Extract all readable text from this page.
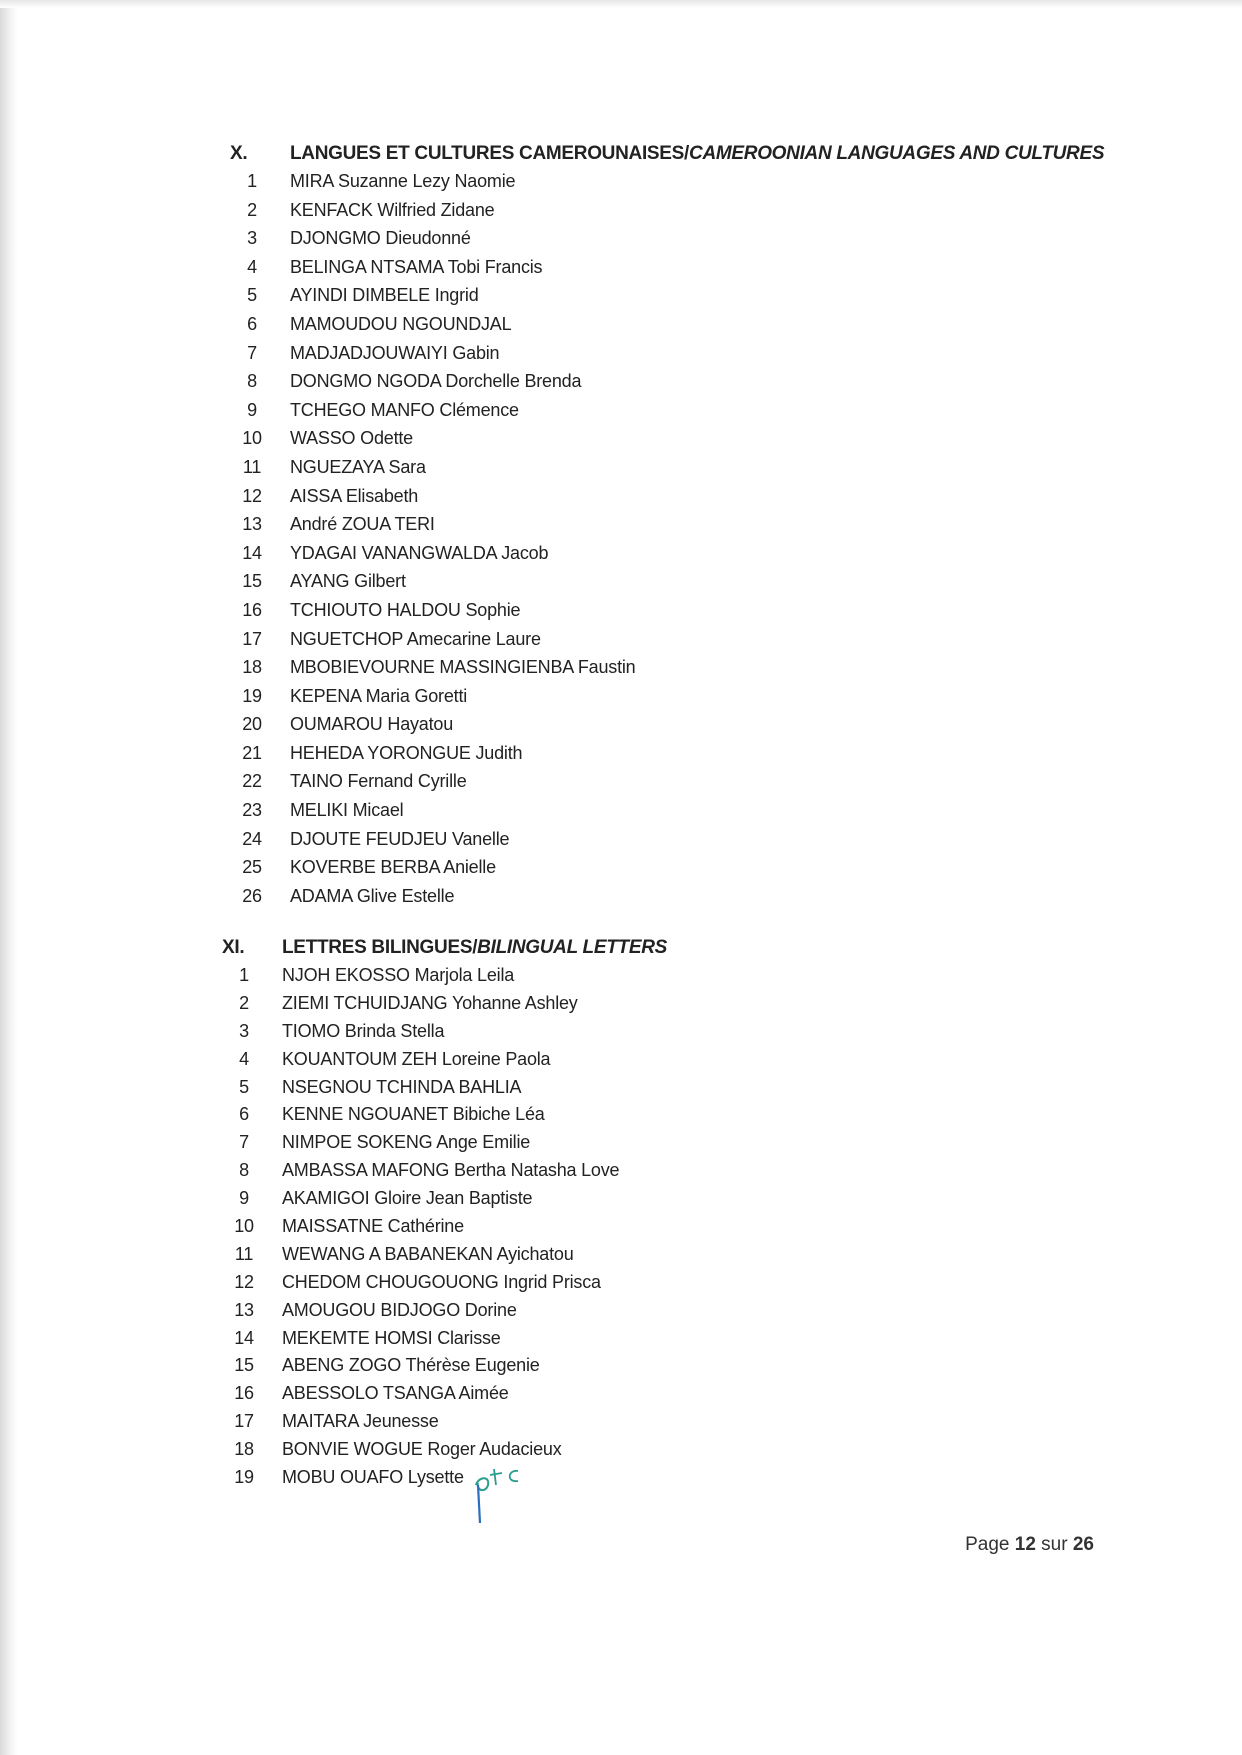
X.	LANGUES ET CULTURES CAMEROUNAISES/CAMEROONIAN LANGUAGES AND CULTURES
1	MIRA Suzanne Lezy Naomie
2	KENFACK Wilfried Zidane
3	DJONGMO Dieudonné
4	BELINGA NTSAMA Tobi Francis
5	AYINDI DIMBELE Ingrid
6	MAMOUDOU NGOUNDJAL
7	MADJADJOUWAIYI Gabin
8	DONGMO NGODA Dorchelle Brenda
9	TCHEGO MANFO Clémence
10	WASSO Odette
11	NGUEZAYA Sara
12	AISSA Elisabeth
13	André ZOUA TERI
14	YDAGAI VANANGWALDA Jacob
15	AYANG Gilbert
16	TCHIOUTO HALDOU Sophie
17	NGUETCHOP Amecarine Laure
18	MBOBIEVOURNE MASSINGIENBA Faustin
19	KEPENA Maria Goretti
20	OUMAROU Hayatou
21	HEHEDA YORONGUE Judith
22	TAINO Fernand Cyrille
23	MELIKI Micael
24	DJOUTE FEUDJEU Vanelle
25	KOVERBE BERBA Anielle
26	ADAMA Glive Estelle
XI.	LETTRES BILINGUES/BILINGUAL LETTERS
1	NJOH EKOSSO Marjola Leila
2	ZIEMI TCHUIDJANG Yohanne Ashley
3	TIOMO Brinda Stella
4	KOUANTOUM ZEH Loreine Paola
5	NSEGNOU TCHINDA BAHLIA
6	KENNE NGOUANET Bibiche Léa
7	NIMPOE SOKENG Ange Emilie
8	AMBASSA MAFONG Bertha Natasha Love
9	AKAMIGOI Gloire Jean Baptiste
10	MAISSATNE Cathérine
11	WEWANG A BABANEKAN Ayichatou
12	CHEDOM CHOUGOUONG Ingrid Prisca
13	AMOUGOU BIDJOGO Dorine
14	MEKEMTE HOMSI Clarisse
15	ABENG ZOGO Thérèse Eugenie
16	ABESSOLO TSANGA Aimée
17	MAITARA Jeunesse
18	BONVIE WOGUE Roger Audacieux
19	MOBU OUAFO Lysette
Page 12 sur 26
